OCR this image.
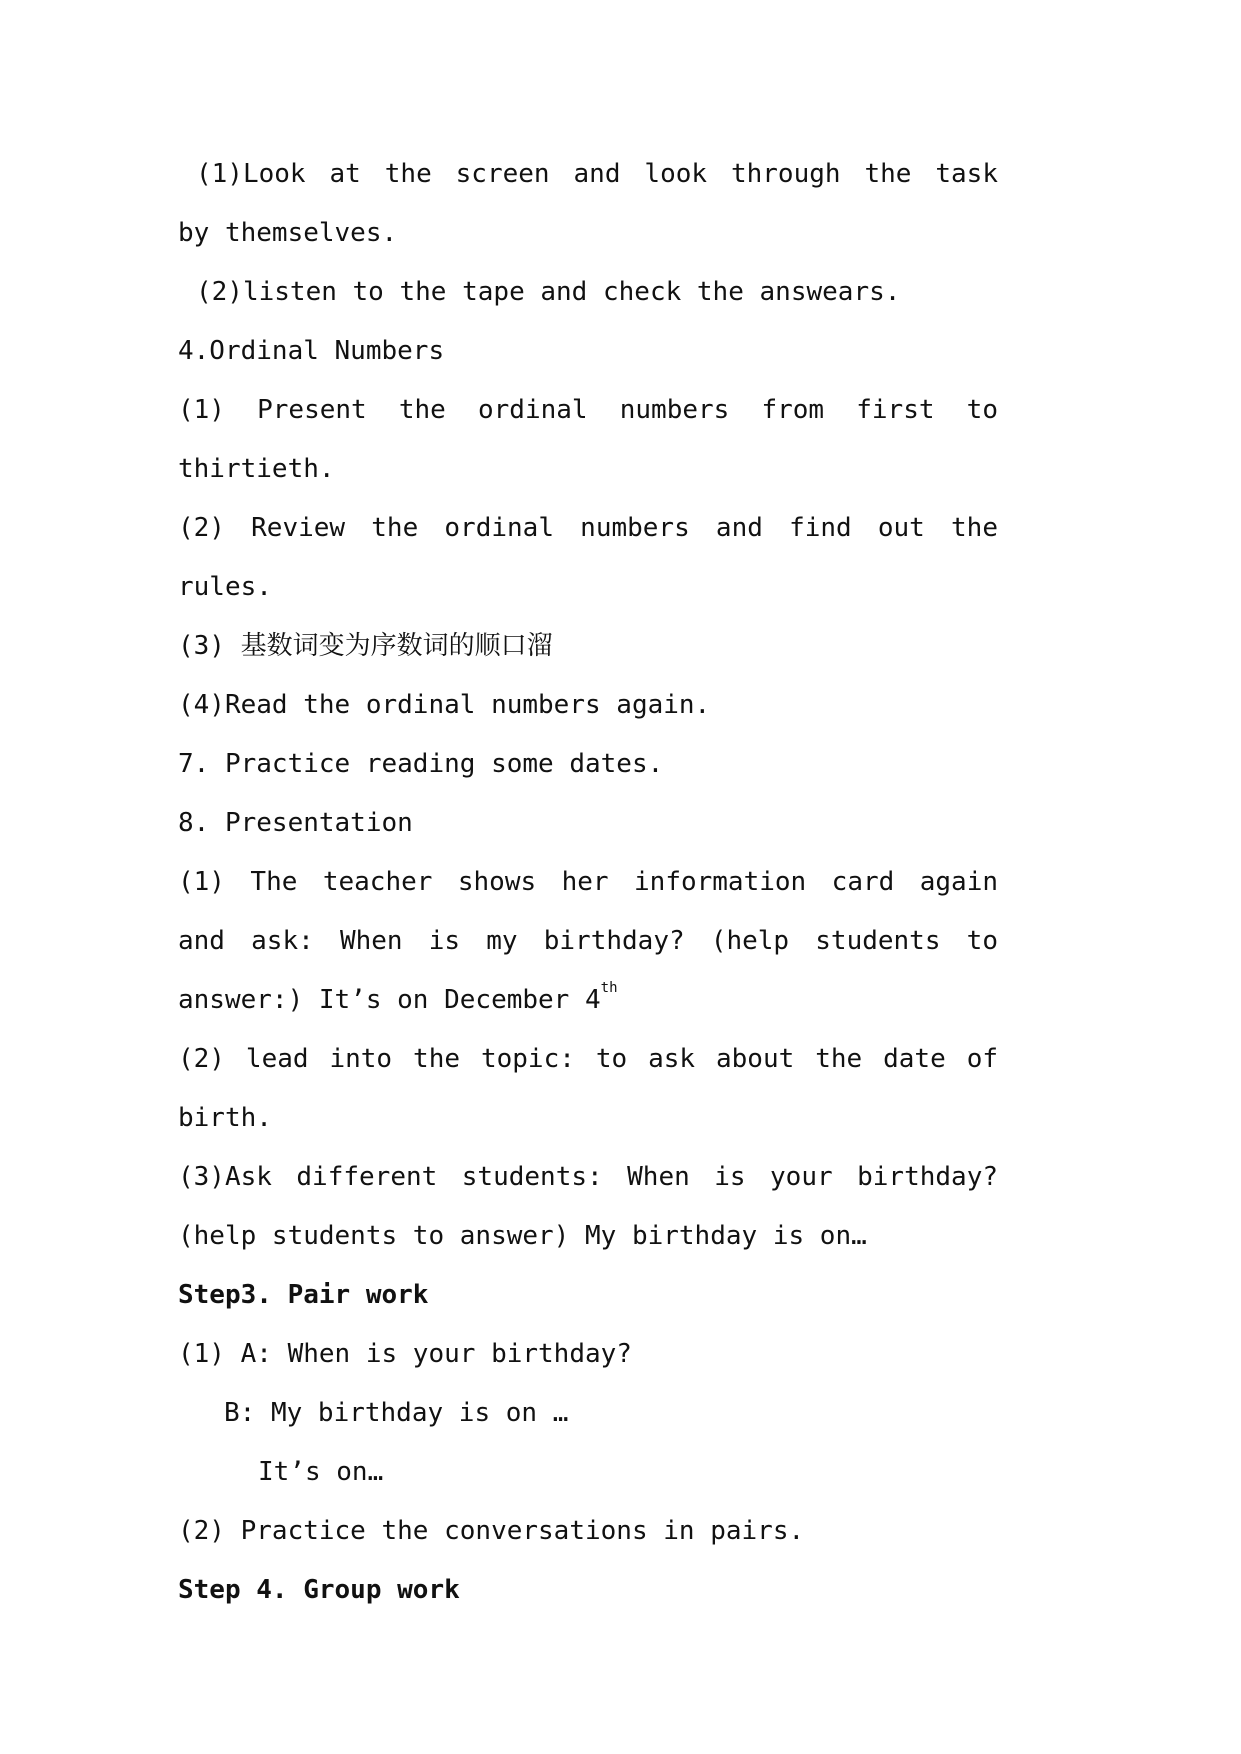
(1)Look at the screen and look through the task
by themselves.
(2)listen to the tape and check the answears.
4.Ordinal Numbers
(1) Present the ordinal numbers from first to
thirtieth.
(2) Review the ordinal numbers and find out the
rules.
(3) 基数词变为序数词的顺口溜
(4)Read the ordinal numbers again.
7. Practice reading some dates.
8. Presentation
(1) The teacher shows her information card again
and ask: When is my birthday? (help students to
answer:) It’s on December 4th
(2) lead into the topic: to ask about the date of
birth.
(3)Ask different students: When is your birthday?
(help students to answer) My birthday is on…
Step3. Pair work
(1) A: When is your birthday?
B: My birthday is on …
It’s on…
(2) Practice the conversations in pairs.
Step 4. Group work
